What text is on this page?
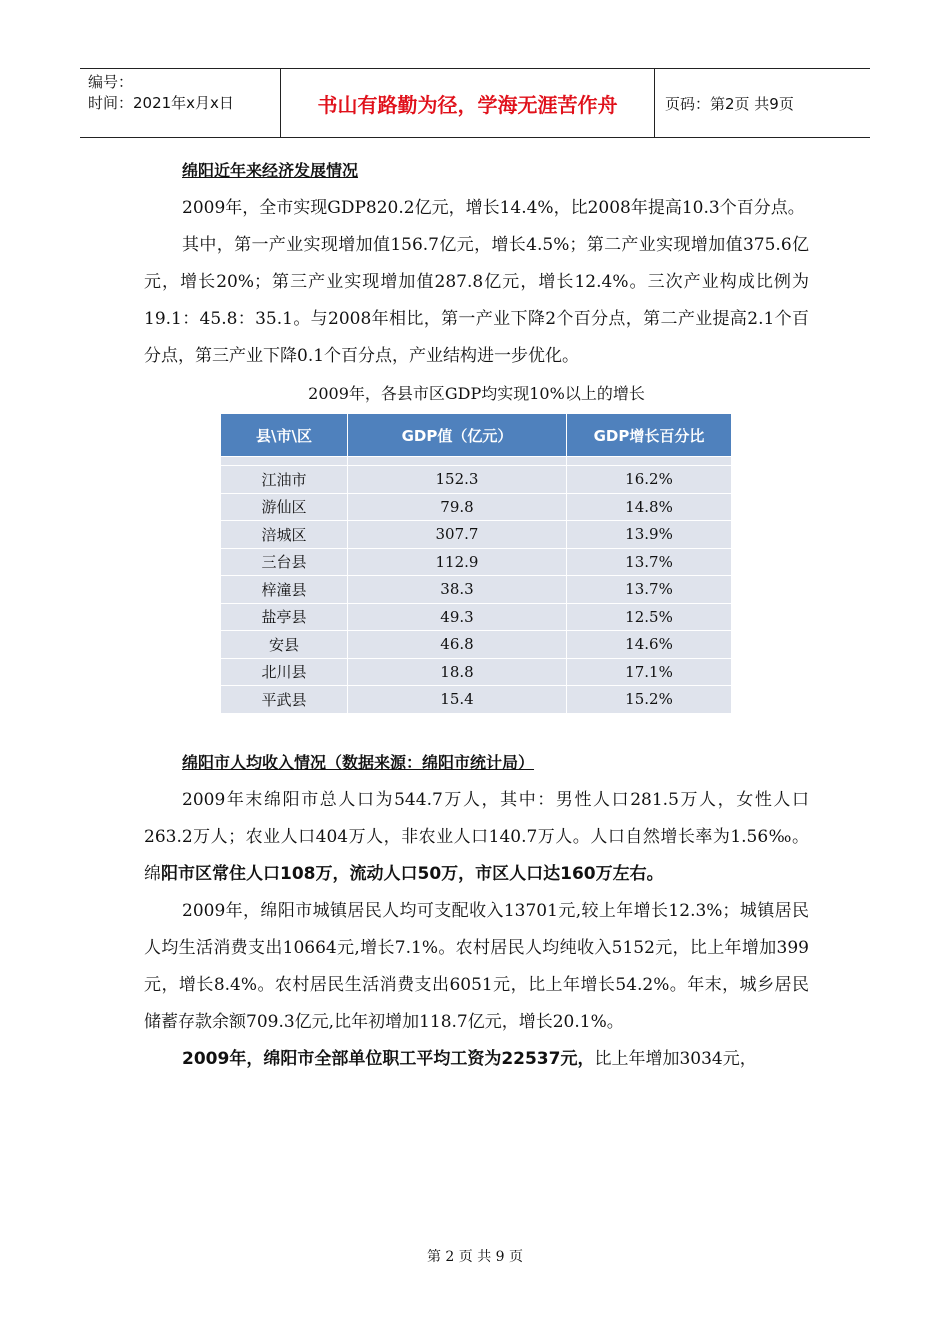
编号：
时间：2021年x月x日	书山有路勤为径，学海无涯苦作舟	页码：第2页 共9页
绵阳近年来经济发展情况

2009年，全市实现GDP820.2亿元，增长14.4%，比2008年提高10.3个百分点。

其中，第一产业实现增加值156.7亿元，增长4.5%；第二产业实现增加值375.6亿元，增长20%；第三产业实现增加值287.8亿元，增长12.4%。三次产业构成比例为19.1：45.8：35.1。与2008年相比，第一产业下降2个百分点，第二产业提高2.1个百分点，第三产业下降0.1个百分点，产业结构进一步优化。

2009年，各县市区GDP均实现10%以上的增长
县\市\区	GDP值（亿元）	GDP增长百分比

江油市	152.3	16.2%
游仙区	79.8	14.8%
涪城区	307.7	13.9%
三台县	112.9	13.7%
梓潼县	38.3	13.7%
盐亭县	49.3	12.5%
安县	46.8	14.6%
北川县	18.8	17.1%
平武县	15.4	15.2%
绵阳市人均收入情况（数据来源：绵阳市统计局）

2009年末绵阳市总人口为544.7万人，其中：男性人口281.5万人，女性人口263.2万人；农业人口404万人，非农业人口140.7万人。人口自然增长率为1.56‰。绵阳市区常住人口108万，流动人口50万，市区人口达160万左右。

2009年，绵阳市城镇居民人均可支配收入13701元,较上年增长12.3%；城镇居民人均生活消费支出10664元,增长7.1%。农村居民人均纯收入5152元，比上年增加399元，增长8.4%。农村居民生活消费支出6051元，比上年增长54.2%。年末，城乡居民储蓄存款余额709.3亿元,比年初增加118.7亿元，增长20.1%。

2009年，绵阳市全部单位职工平均工资为22537元，比上年增加3034元，

第 2 页 共 9 页
